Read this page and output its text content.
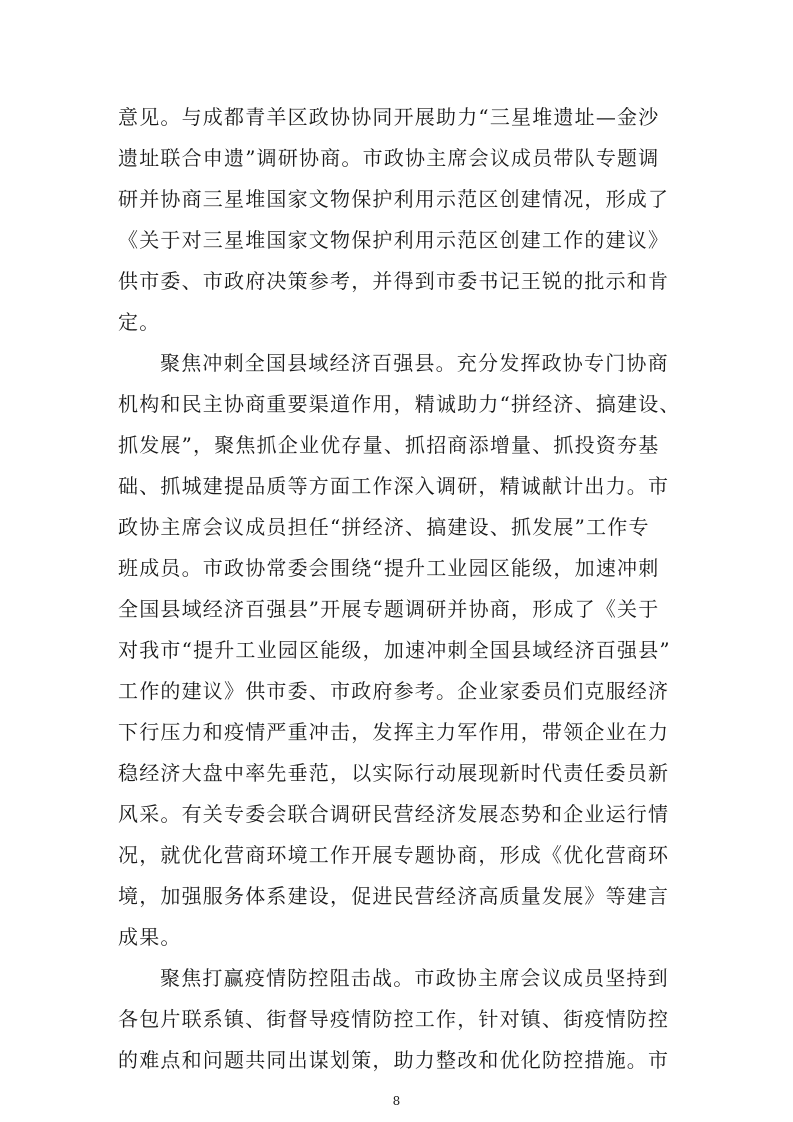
意见。与成都青羊区政协协同开展助力“三星堆遗址—金沙
遗址联合申遗”调研协商。市政协主席会议成员带队专题调
研并协商三星堆国家文物保护利用示范区创建情况，形成了
《关于对三星堆国家文物保护利用示范区创建工作的建议》
供市委、市政府决策参考，并得到市委书记王锐的批示和肯
定。
聚焦冲刺全国县域经济百强县。充分发挥政协专门协商
机构和民主协商重要渠道作用，精诚助力“拼经济、搞建设、
抓发展”，聚焦抓企业优存量、抓招商添增量、抓投资夯基
础、抓城建提品质等方面工作深入调研，精诚献计出力。市
政协主席会议成员担任“拼经济、搞建设、抓发展”工作专
班成员。市政协常委会围绕“提升工业园区能级，加速冲刺
全国县域经济百强县”开展专题调研并协商，形成了《关于
对我市“提升工业园区能级，加速冲刺全国县域经济百强县”
工作的建议》供市委、市政府参考。企业家委员们克服经济
下行压力和疫情严重冲击，发挥主力军作用，带领企业在力
稳经济大盘中率先垂范，以实际行动展现新时代责任委员新
风采。有关专委会联合调研民营经济发展态势和企业运行情
况，就优化营商环境工作开展专题协商，形成《优化营商环
境，加强服务体系建设，促进民营经济高质量发展》等建言
成果。
聚焦打赢疫情防控阻击战。市政协主席会议成员坚持到
各包片联系镇、街督导疫情防控工作，针对镇、街疫情防控
的难点和问题共同出谋划策，助力整改和优化防控措施。市
8
